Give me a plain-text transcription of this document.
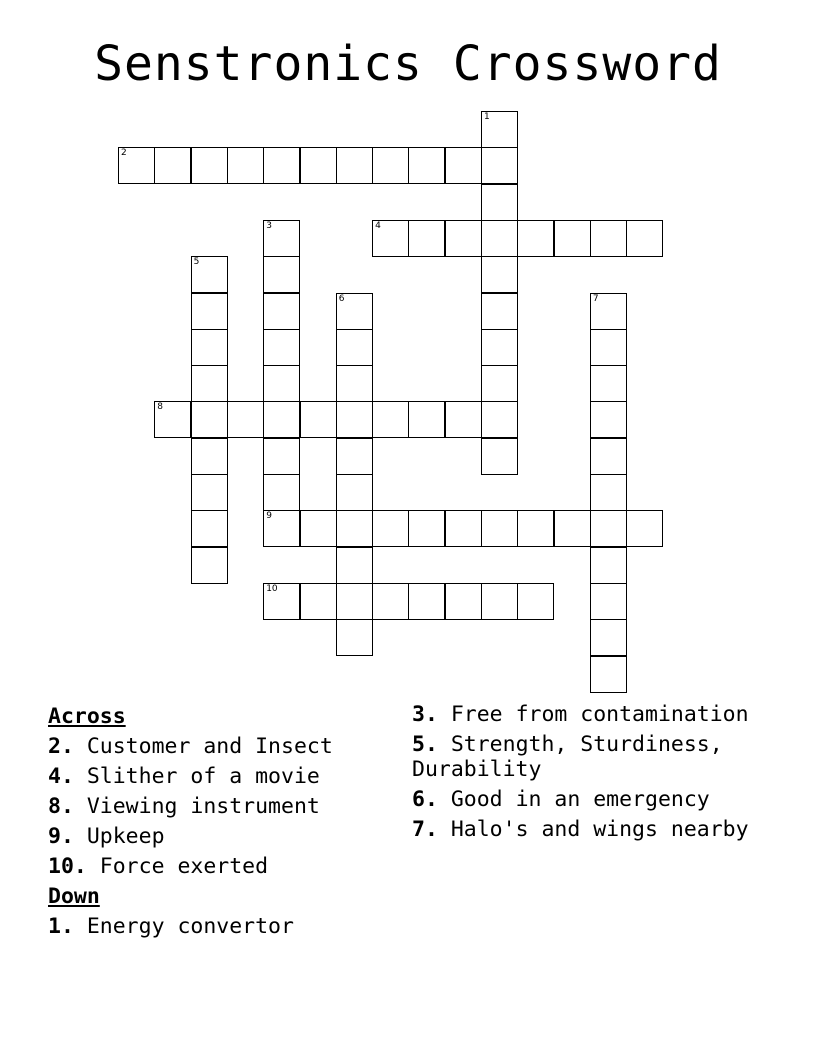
Senstronics Crossword
1
2
3
9
4
5
6	7
8
10
Across
2. Customer and Insect
4. Slither of a movie
8. Viewing instrument
9. Upkeep
10. Force exerted
Down
1. Energy convertor
3. Free from contamination
5. Strength, Sturdiness, Durability
6. Good in an emergency
7. Halo's and wings nearby
